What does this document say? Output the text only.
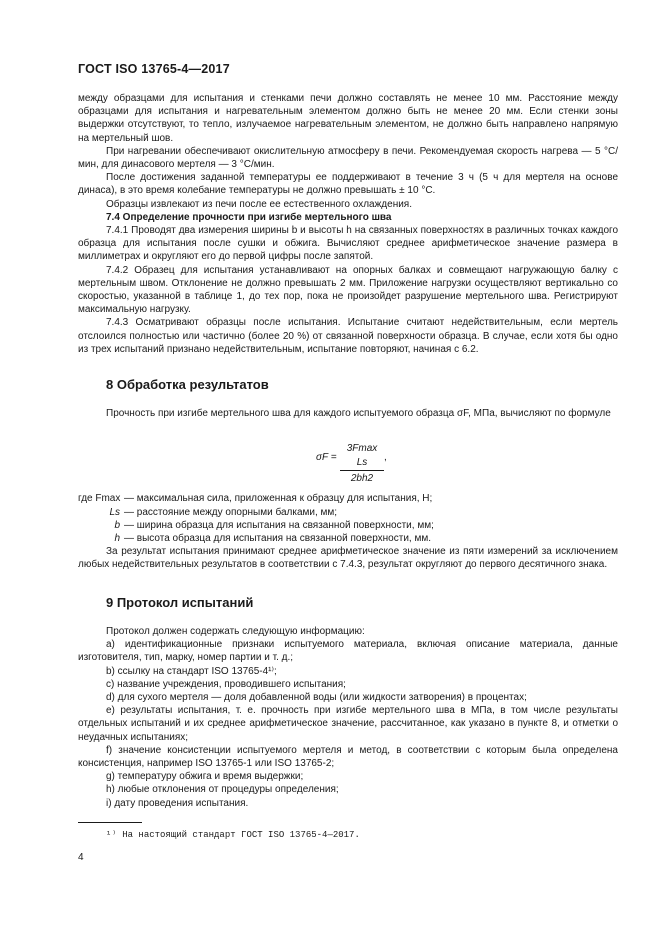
ГОСТ ISO 13765-4—2017

между образцами для испытания и стенками печи должно составлять не менее 10 мм. Расстояние между образцами для испытания и нагревательным элементом должно быть не менее 20 мм. Если стенки зоны выдержки отсутствуют, то тепло, излучаемое нагревательным элементом, не должно быть направлено напрямую на мертельный шов.

При нагревании обеспечивают окислительную атмосферу в печи. Рекомендуемая скорость нагрева — 5 °С/мин, для динасового мертеля — 3 °С/мин.

После достижения заданной температуры ее поддерживают в течение 3 ч (5 ч для мертеля на основе динаса), в это время колебание температуры не должно превышать ± 10 °С.

Образцы извлекают из печи после ее естественного охлаждения.

7.4 Определение прочности при изгибе мертельного шва

7.4.1 Проводят два измерения ширины b и высоты h на связанных поверхностях в различных точках каждого образца для испытания после сушки и обжига. Вычисляют среднее арифметическое значение размера в миллиметрах и округляют его до первой цифры после запятой.

7.4.2 Образец для испытания устанавливают на опорных балках и совмещают нагружающую балку с мертельным швом. Отклонение не должно превышать 2 мм. Приложение нагрузки осуществляют вертикально со скоростью, указанной в таблице 1, до тех пор, пока не произойдет разрушение мертельного шва. Регистрируют максимальную нагрузку.

7.4.3 Осматривают образцы после испытания. Испытание считают недействительным, если мертель отслоился полностью или частично (более 20 %) от связанной поверхности образца. В случае, если хотя бы одно из трех испытаний признано недействительным, испытание повторяют, начиная с 6.2.

8 Обработка результатов

Прочность при изгибе мертельного шва для каждого испытуемого образца σF, МПа, вычисляют по формуле

σF =
3Fmax Ls
2bh2
,
где Fmax — максимальная сила, приложенная к образцу для испытания, Н;
Ls — расстояние между опорными балками, мм;
b — ширина образца для испытания на связанной поверхности, мм;
h — высота образца для испытания на связанной поверхности, мм.

За результат испытания принимают среднее арифметическое значение из пяти измерений за исключением любых недействительных результатов в соответствии с 7.4.3, результат округляют до первого десятичного знака.

9 Протокол испытаний

Протокол должен содержать следующую информацию:

а) идентификационные признаки испытуемого материала, включая описание материала, данные изготовителя, тип, марку, номер партии и т. д.;

b) ссылку на стандарт ISO 13765-4¹⁾;

c) название учреждения, проводившего испытания;

d) для сухого мертеля — доля добавленной воды (или жидкости затворения) в процентах;

e) результаты испытания, т. е. прочность при изгибе мертельного шва в МПа, в том числе результаты отдельных испытаний и их среднее арифметическое значение, рассчитанное, как указано в пункте 8, и отметки о неудачных испытаниях;

f) значение консистенции испытуемого мертеля и метод, в соответствии с которым была определена консистенция, например ISO 13765-1 или ISO 13765-2;

g) температуру обжига и время выдержки;

h) любые отклонения от процедуры определения;

i) дату проведения испытания.

¹⁾ На настоящий стандарт ГОСТ ISO 13765-4—2017.
4
